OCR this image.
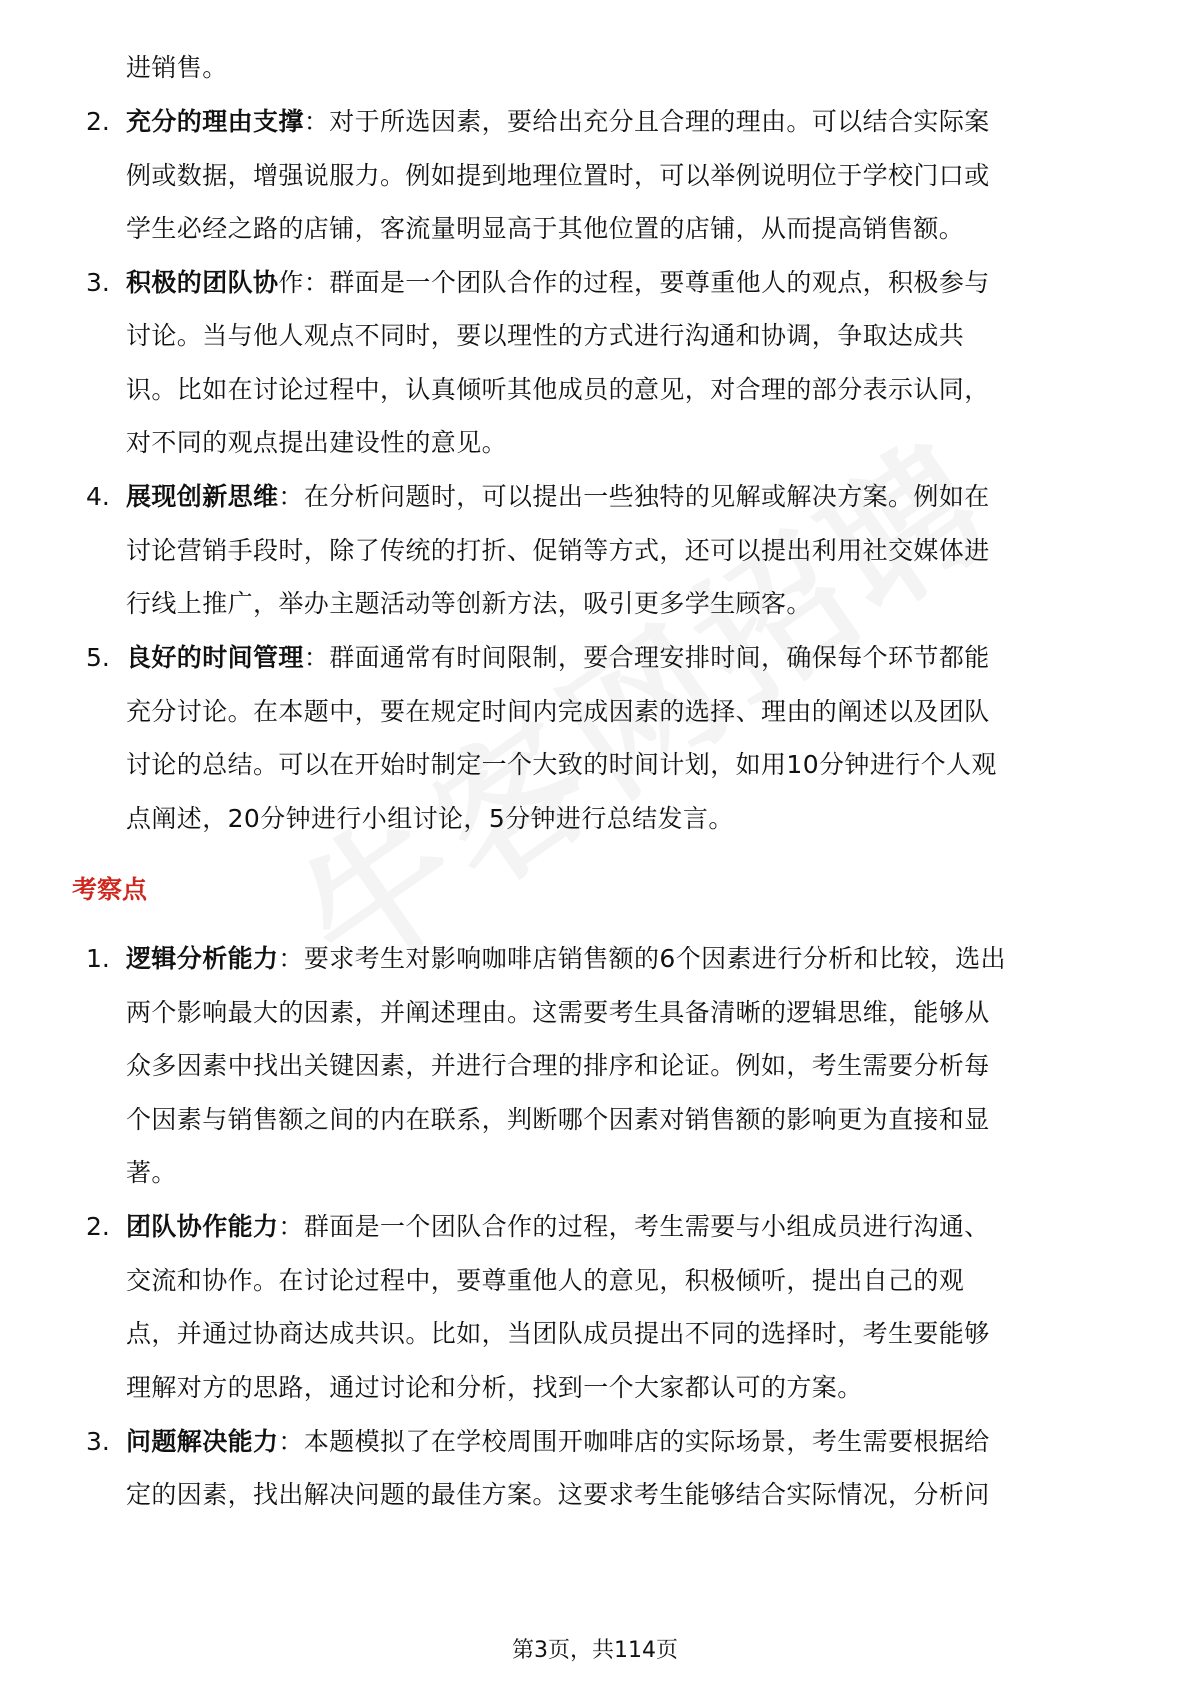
进销售。
2. 充分的理由支撑：对于所选因素，要给出充分且合理的理由。可以结合实际案
例或数据，增强说服力。例如提到地理位置时，可以举例说明位于学校门口或
学生必经之路的店铺，客流量明显高于其他位置的店铺，从而提高销售额。
3. 积极的团队协作：群面是一个团队合作的过程，要尊重他人的观点，积极参与
讨论。当与他人观点不同时，要以理性的方式进行沟通和协调，争取达成共
识。比如在讨论过程中，认真倾听其他成员的意见，对合理的部分表示认同，
对不同的观点提出建设性的意见。
4. 展现创新思维：在分析问题时，可以提出一些独特的见解或解决方案。例如在
讨论营销手段时，除了传统的打折、促销等方式，还可以提出利用社交媒体进
行线上推广，举办主题活动等创新方法，吸引更多学生顾客。
5. 良好的时间管理：群面通常有时间限制，要合理安排时间，确保每个环节都能
充分讨论。在本题中，要在规定时间内完成因素的选择、理由的阐述以及团队
讨论的总结。可以在开始时制定一个大致的时间计划，如用10分钟进行个人观
点阐述，20分钟进行小组讨论，5分钟进行总结发言。
考察点
1. 逻辑分析能力：要求考生对影响咖啡店销售额的6个因素进行分析和比较，选出
两个影响最大的因素，并阐述理由。这需要考生具备清晰的逻辑思维，能够从
众多因素中找出关键因素，并进行合理的排序和论证。例如，考生需要分析每
个因素与销售额之间的内在联系，判断哪个因素对销售额的影响更为直接和显
著。
2. 团队协作能力：群面是一个团队合作的过程，考生需要与小组成员进行沟通、
交流和协作。在讨论过程中，要尊重他人的意见，积极倾听，提出自己的观
点，并通过协商达成共识。比如，当团队成员提出不同的选择时，考生要能够
理解对方的思路，通过讨论和分析，找到一个大家都认可的方案。
3. 问题解决能力：本题模拟了在学校周围开咖啡店的实际场景，考生需要根据给
定的因素，找出解决问题的最佳方案。这要求考生能够结合实际情况，分析问
第3页，共114页
